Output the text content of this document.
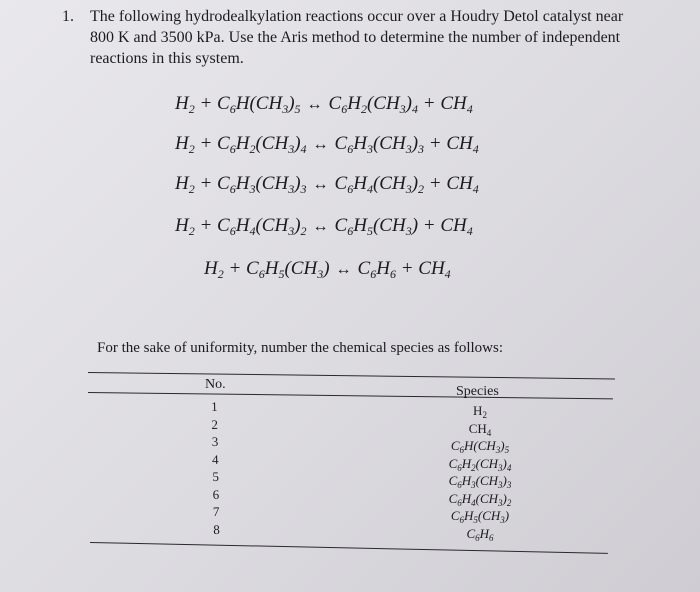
1. The following hydrodealkylation reactions occur over a Houdry Detol catalyst near 800 K and 3500 kPa. Use the Aris method to determine the number of independent reactions in this system.
$H_2 + C_6H(CH_3)_5$ ↔ $C_6H_2(CH_3)_4 + CH_4$
$H_2 + C_6H_2(CH_3)_4$ ↔ $C_6H_3(CH_3)_3 + CH_4$
$H_2 + C_6H_3(CH_3)_3$ ↔ $C_6H_4(CH_3)_2 + CH_4$
$H_2 + C_6H_4(CH_3)_2$ ↔ $C_6H_5(CH_3) + CH_4$
$H_2 + C_6H_5(CH_3)$ ↔ $C_6H_6 + CH_4$
For the sake of uniformity, number the chemical species as follows:
No.	Species
1
2
3
4
5
6
7
8
$H_2$
$CH_4$
$C_6H(CH_3)_5$
$C_6H_2(CH_3)_4$
$C_6H_3(CH_3)_3$
$C_6H_4(CH_3)_2$
$C_6H_5(CH_3)$
$C_6H_6$
